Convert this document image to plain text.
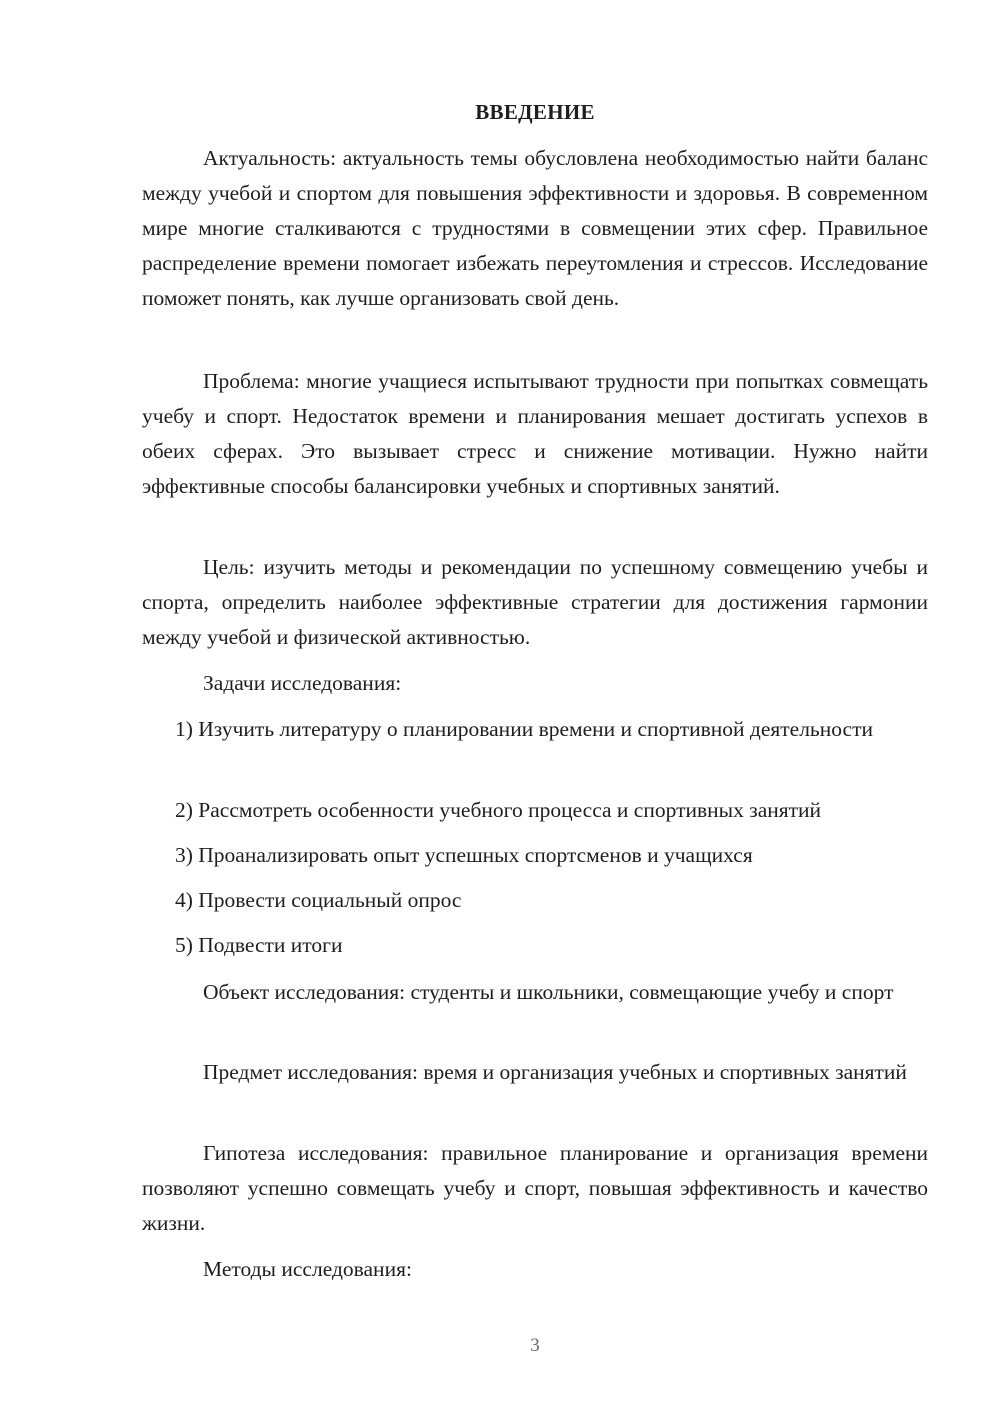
ВВЕДЕНИЕ

Актуальность: актуальность темы обусловлена необходимостью найти баланс между учебой и спортом для повышения эффективности и здоровья. В современном мире многие сталкиваются с трудностями в совмещении этих сфер. Правильное распределение времени помогает избежать переутомления и стрессов. Исследование поможет понять, как лучше организовать свой день.

Проблема: многие учащиеся испытывают трудности при попытках совмещать учебу и спорт. Недостаток времени и планирования мешает достигать успехов в обеих сферах. Это вызывает стресс и снижение мотивации. Нужно найти эффективные способы балансировки учебных и спортивных занятий.

Цель: изучить методы и рекомендации по успешному совмещению учебы и спорта, определить наиболее эффективные стратегии для достижения гармонии между учебой и физической активностью.

Задачи исследования:

1) Изучить литературу о планировании времени и спортивной деятельности

2) Рассмотреть особенности учебного процесса и спортивных занятий

3) Проанализировать опыт успешных спортсменов и учащихся

4) Провести социальный опрос

5) Подвести итоги

Объект исследования: студенты и школьники, совмещающие учебу и спорт

Предмет исследования: время и организация учебных и спортивных занятий

Гипотеза исследования: правильное планирование и организация времени позволяют успешно совмещать учебу и спорт, повышая эффективность и качество жизни.

Методы исследования:

3
